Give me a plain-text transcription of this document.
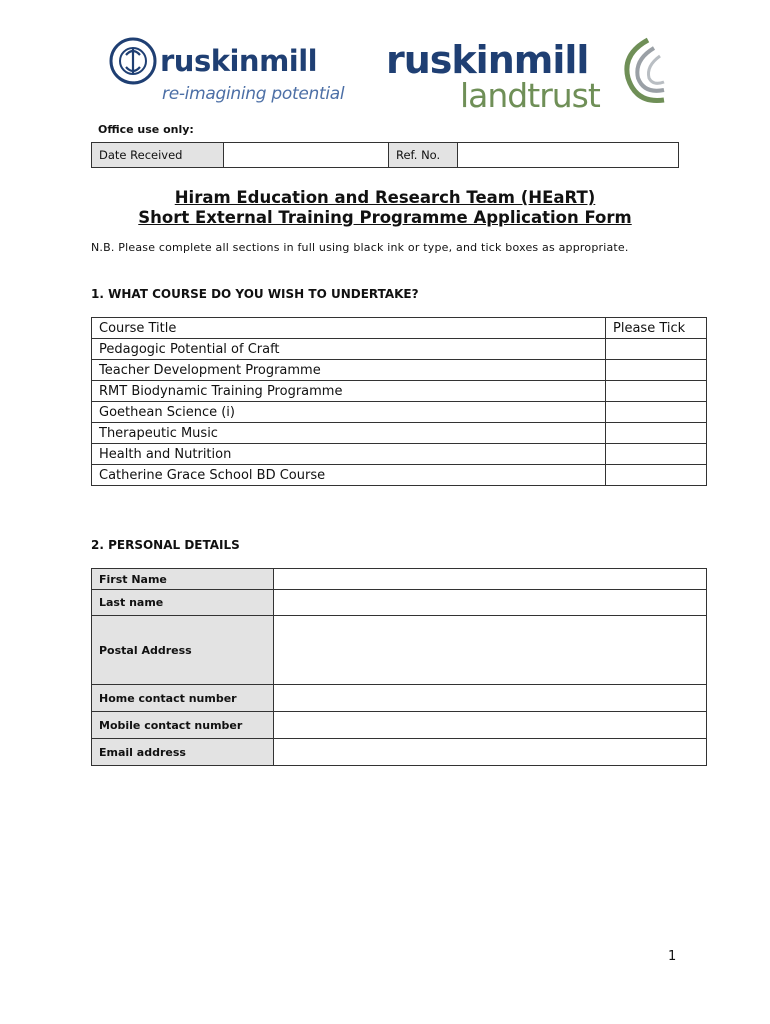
ruskinmill
re-imagining potential
ruskinmill
landtrust
Office use only:
Date Received		Ref. No.	
Hiram Education and Research Team (HEaRT)
Short External Training Programme Application Form
N.B. Please complete all sections in full using black ink or type, and tick boxes as appropriate.
1. WHAT COURSE DO YOU WISH TO UNDERTAKE?
Course Title	Please Tick
Pedagogic Potential of Craft	
Teacher Development Programme	
RMT Biodynamic Training Programme	
Goethean Science (i)	
Therapeutic Music	
Health and Nutrition	
Catherine Grace School BD Course	
2. PERSONAL DETAILS
First Name	
Last name	
Postal Address	
Home contact number	
Mobile contact number	
Email address	
1
